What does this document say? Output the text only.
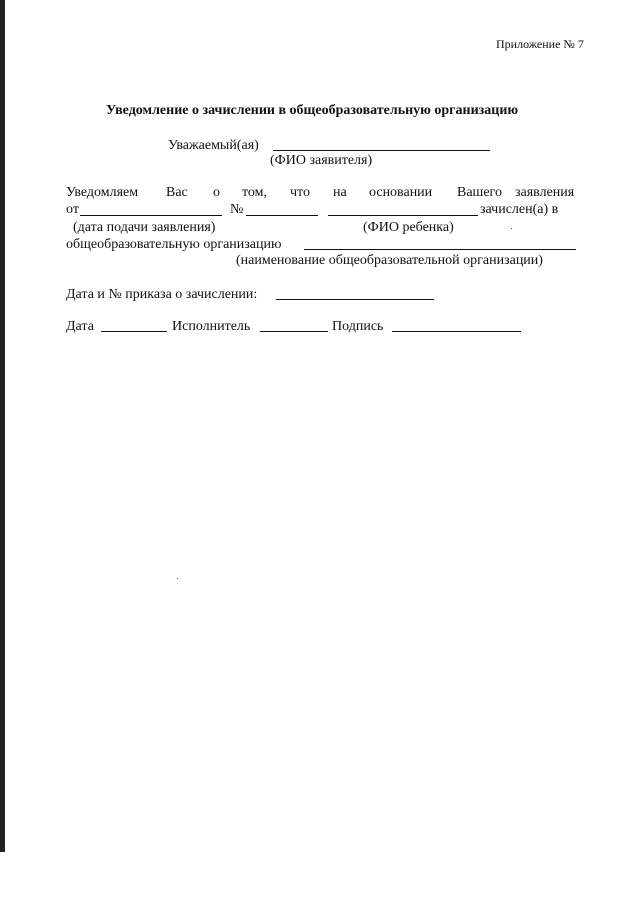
Приложение № 7
Уведомление о зачислении в общеобразовательную организацию
Уважаемый(ая)
(ФИО заявителя)
Уведомляем Вас о том, что на основании Вашего заявления
от	№	зачислен(а) в
(дата подачи заявления)	(ФИО ребенка)
общеобразовательную организацию
(наименование общеобразовательной организации)
Дата и № приказа о зачислении:
Дата	Исполнитель	Подпись
